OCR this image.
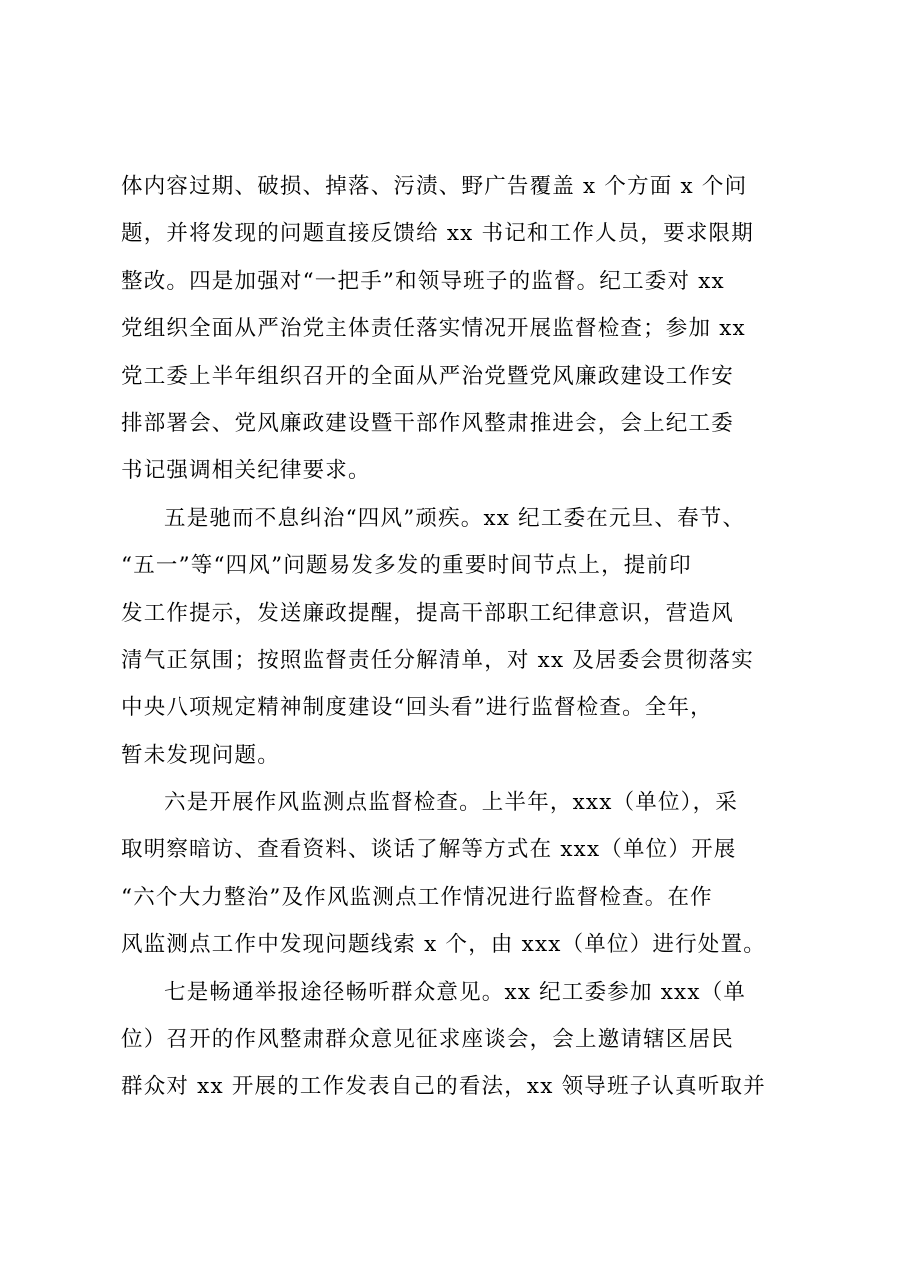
体内容过期、破损、掉落、污渍、野广告覆盖 x 个方面 x 个问
题，并将发现的问题直接反馈给 xx 书记和工作人员，要求限期
整改。四是加强对“一把手”和领导班子的监督。纪工委对 xx
党组织全面从严治党主体责任落实情况开展监督检查；参加 xx
党工委上半年组织召开的全面从严治党暨党风廉政建设工作安
排部署会、党风廉政建设暨干部作风整肃推进会，会上纪工委
书记强调相关纪律要求。

五是驰而不息纠治“四风”顽疾。xx 纪工委在元旦、春节、
“五一”等“四风”问题易发多发的重要时间节点上，提前印
发工作提示，发送廉政提醒，提高干部职工纪律意识，营造风
清气正氛围；按照监督责任分解清单，对 xx 及居委会贯彻落实
中央八项规定精神制度建设“回头看”进行监督检查。全年，
暂未发现问题。

六是开展作风监测点监督检查。上半年，xxx（单位），采
取明察暗访、查看资料、谈话了解等方式在 xxx（单位）开展
“六个大力整治”及作风监测点工作情况进行监督检查。在作
风监测点工作中发现问题线索 x 个，由 xxx（单位）进行处置。

七是畅通举报途径畅听群众意见。xx 纪工委参加 xxx（单
位）召开的作风整肃群众意见征求座谈会，会上邀请辖区居民
群众对 xx 开展的工作发表自己的看法，xx 领导班子认真听取并
